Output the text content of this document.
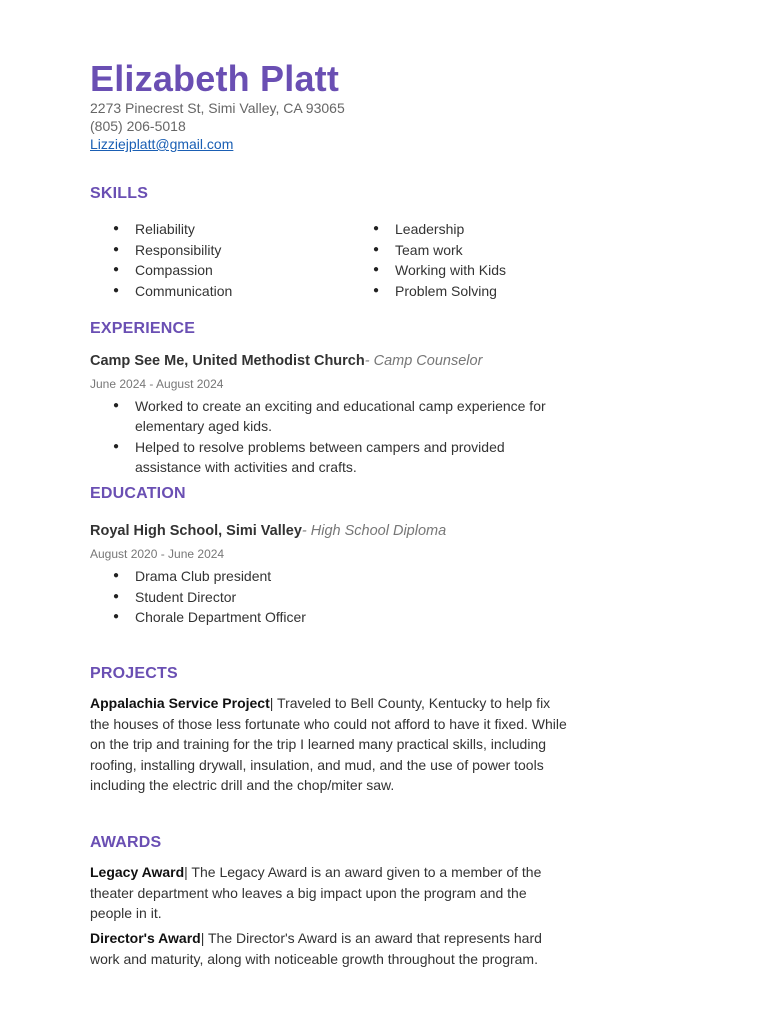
Elizabeth Platt
2273 Pinecrest St, Simi Valley, CA 93065
(805) 206-5018
Lizziejplatt@gmail.com
SKILLS
● Reliability
● Responsibility
● Compassion
● Communication
● Leadership
● Team work
● Working with Kids
● Problem Solving
EXPERIENCE
Camp See Me, United Methodist Church- Camp Counselor
June 2024 - August 2024
● Worked to create an exciting and educational camp experience for elementary aged kids.
● Helped to resolve problems between campers and provided assistance with activities and crafts.
EDUCATION
Royal High School, Simi Valley- High School Diploma
August 2020 - June 2024
● Drama Club president
● Student Director
● Chorale Department Officer
PROJECTS

Appalachia Service Project| Traveled to Bell County, Kentucky to help fix the houses of those less fortunate who could not afford to have it fixed. While on the trip and training for the trip I learned many practical skills, including roofing, installing drywall, insulation, and mud, and the use of power tools including the electric drill and the chop/miter saw.

AWARDS

Legacy Award| The Legacy Award is an award given to a member of the theater department who leaves a big impact upon the program and the people in it.

Director's Award| The Director's Award is an award that represents hard work and maturity, along with noticeable growth throughout the program.
